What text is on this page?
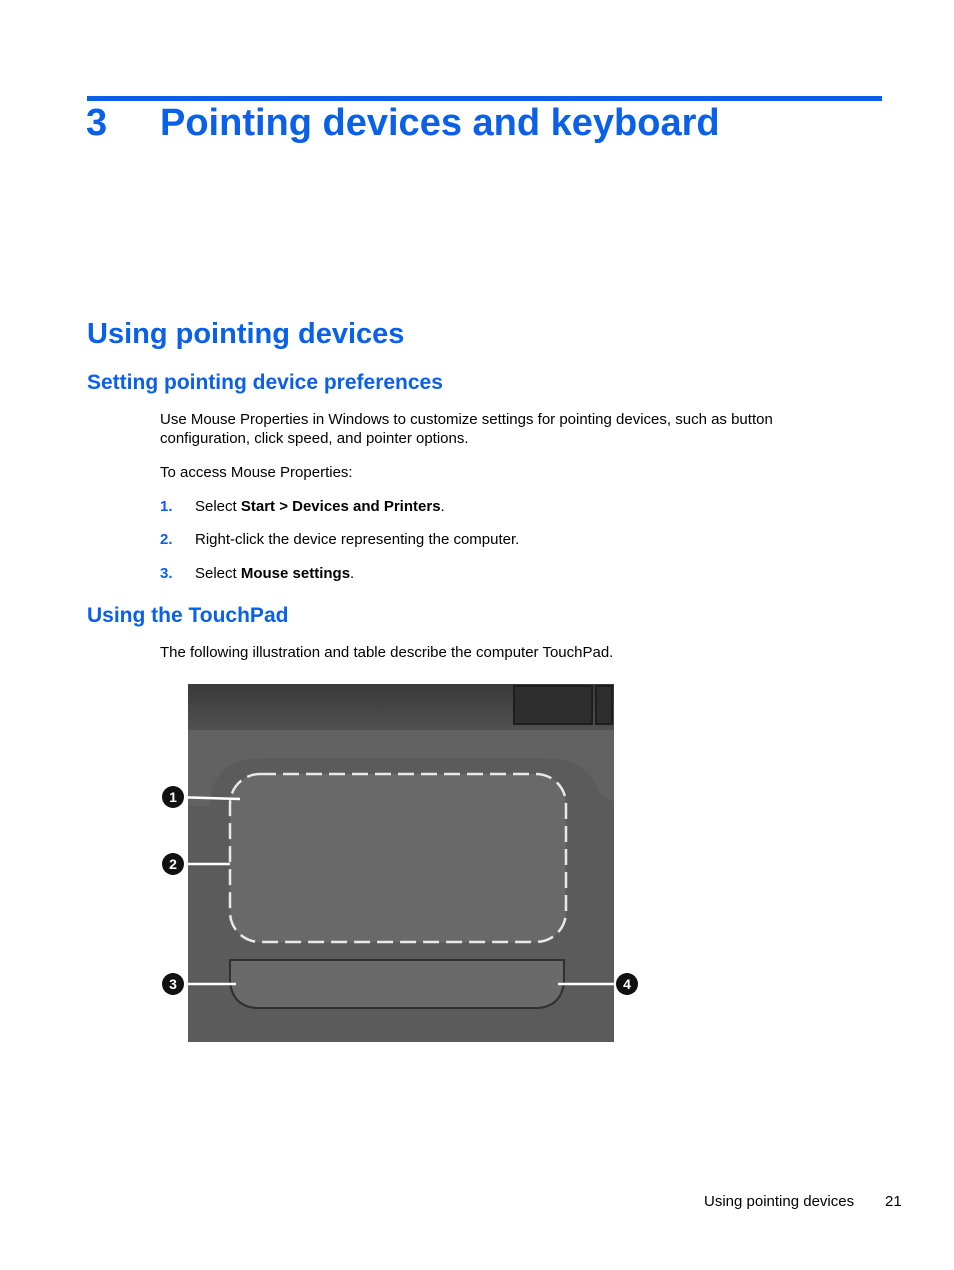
3 Pointing devices and keyboard
Using pointing devices
Setting pointing device preferences
Use Mouse Properties in Windows to customize settings for pointing devices, such as button configuration, click speed, and pointer options.
To access Mouse Properties:
1. Select Start > Devices and Printers.
2. Right-click the device representing the computer.
3. Select Mouse settings.
Using the TouchPad
The following illustration and table describe the computer TouchPad.
1
2
3	4
Using pointing devices 21
